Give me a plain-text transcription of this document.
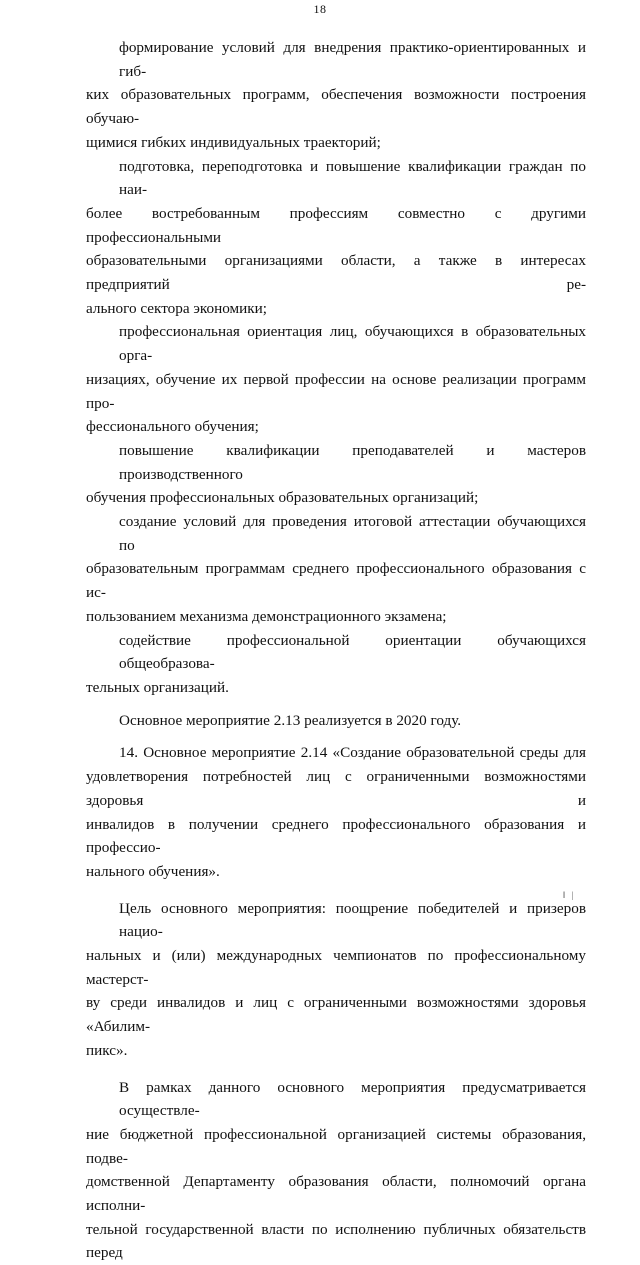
18
формирование условий для внедрения практико-ориентированных и гиб-
ких образовательных программ, обеспечения возможности построения обучаю-
щимися гибких индивидуальных траекторий;
подготовка, переподготовка и повышение квалификации граждан по наи-
более востребованным профессиям совместно с другими профессиональными
образовательными организациями области, а также в интересах предприятий ре-
ального сектора экономики;
профессиональная ориентация лиц, обучающихся в образовательных орга-
низациях, обучение их первой профессии на основе реализации программ про-
фессионального обучения;
повышение квалификации преподавателей и мастеров производственного
обучения профессиональных образовательных организаций;
создание условий для проведения итоговой аттестации обучающихся по
образовательным программам среднего профессионального образования с ис-
пользованием механизма демонстрационного экзамена;
содействие профессиональной ориентации обучающихся общеобразова-
тельных организаций.
Основное мероприятие 2.13 реализуется в 2020 году.
14. Основное мероприятие 2.14 «Создание образовательной среды для
удовлетворения потребностей лиц с ограниченными возможностями здоровья и
инвалидов в получении среднего профессионального образования и профессио-
нального обучения».
Цель основного мероприятия: поощрение победителей и призеров нацио-
нальных и (или) международных чемпионатов по профессиональному мастерст-
ву среди инвалидов и лиц с ограниченными возможностями здоровья «Абилим-
пикс».
В рамках данного основного мероприятия предусматривается осуществле-
ние бюджетной профессиональной организацией системы образования, подве-
домственной Департаменту образования области, полномочий органа исполни-
тельной государственной власти по исполнению публичных обязательств перед
‖ |
